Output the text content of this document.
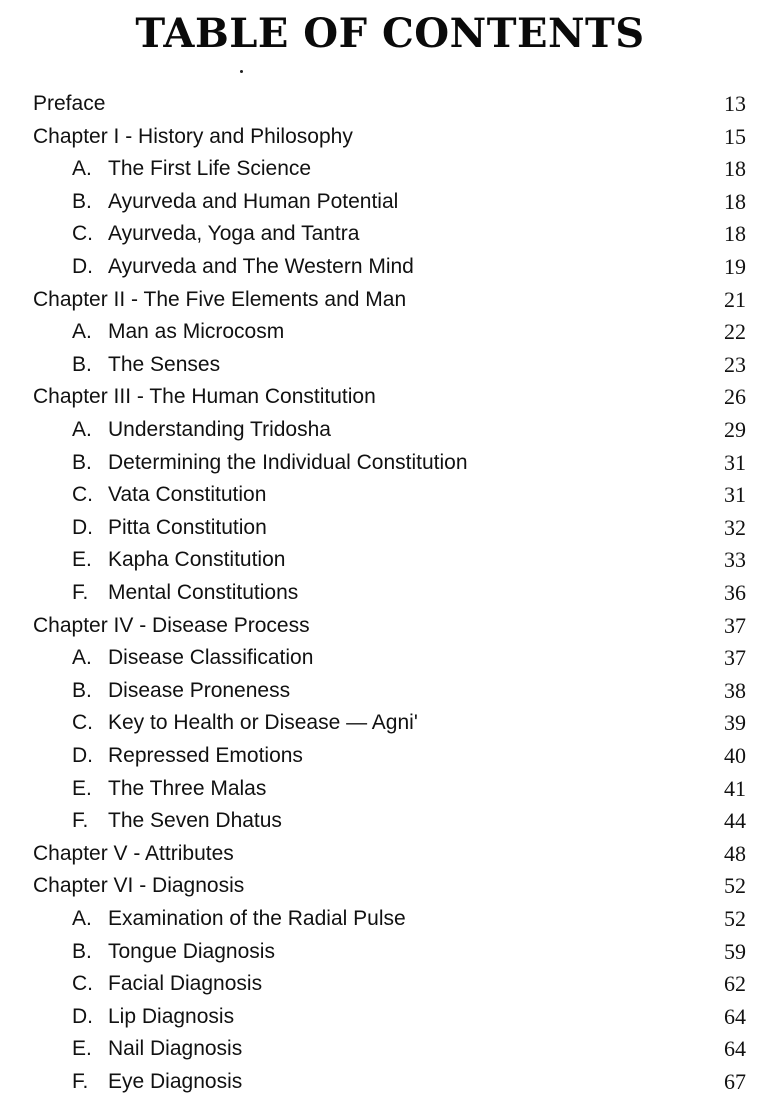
TABLE OF CONTENTS
Preface	13
Chapter I - History and Philosophy	15
A. The First Life Science	18
B. Ayurveda and Human Potential	18
C. Ayurveda, Yoga and Tantra	18
D. Ayurveda and The Western Mind	19
Chapter II - The Five Elements and Man	21
A. Man as Microcosm	22
B. The Senses	23
Chapter III - The Human Constitution	26
A. Understanding Tridosha	29
B. Determining the Individual Constitution	31
C. Vata Constitution	31
D. Pitta Constitution	32
E. Kapha Constitution	33
F. Mental Constitutions	36
Chapter IV - Disease Process	37
A. Disease Classification	37
B. Disease Proneness	38
C. Key to Health or Disease — Agni'	39
D. Repressed Emotions	40
E. The Three Malas	41
F. The Seven Dhatus	44
Chapter V - Attributes	48
Chapter VI - Diagnosis	52
A. Examination of the Radial Pulse	52
B. Tongue Diagnosis	59
C. Facial Diagnosis	62
D. Lip Diagnosis	64
E. Nail Diagnosis	64
F. Eye Diagnosis	67
